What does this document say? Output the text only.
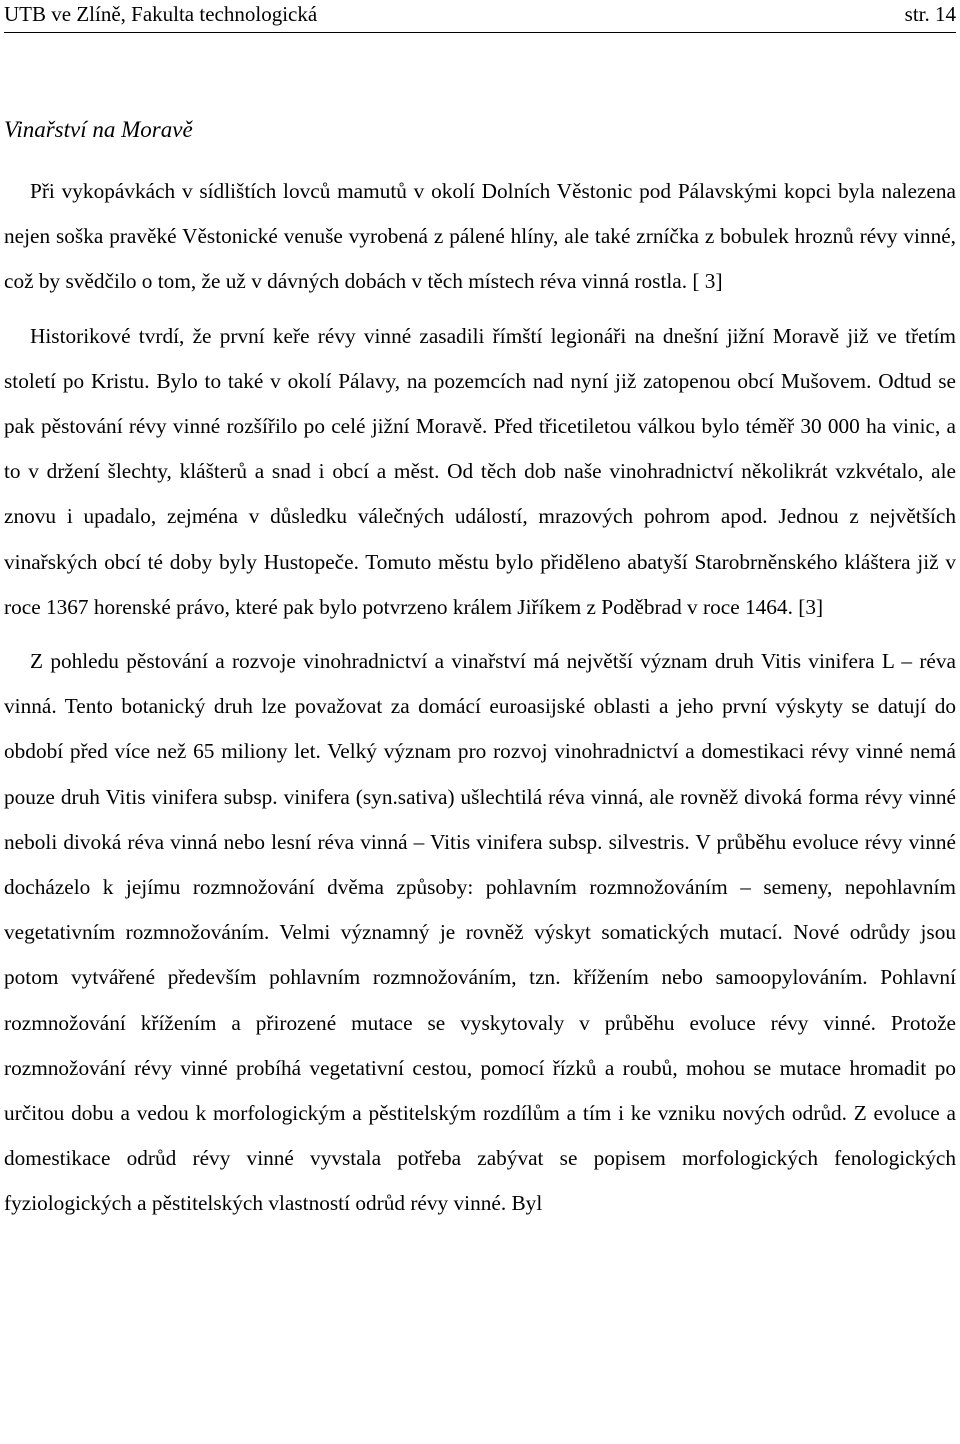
UTB ve Zlíně, Fakulta technologická	str. 14
Vinařství na Moravě

Při vykopávkách v sídlištích lovců mamutů v okolí Dolních Věstonic pod Pálavskými kopci byla nalezena nejen soška pravěké Věstonické venuše vyrobená z pálené hlíny, ale také zrníčka z bobulek hroznů révy vinné, což by svědčilo o tom, že už v dávných dobách v těch místech réva vinná rostla. [ 3]

Historikové tvrdí, že první keře révy vinné zasadili římští legionáři na dnešní jižní Moravě již ve třetím století po Kristu. Bylo to také v okolí Pálavy, na pozemcích nad nyní již zatopenou obcí Mušovem. Odtud se pak pěstování révy vinné rozšířilo po celé jižní Moravě. Před třicetiletou válkou bylo téměř 30 000 ha vinic, a to v držení šlechty, klášterů a snad i obcí a měst. Od těch dob naše vinohradnictví několikrát vzkvétalo, ale znovu i upadalo, zejména v důsledku válečných událostí, mrazových pohrom apod. Jednou z největších vinařských obcí té doby byly Hustopeče. Tomuto městu bylo přiděleno abatyší Starobrněnského kláštera již v roce 1367 horenské právo, které pak bylo potvrzeno králem Jiříkem z Poděbrad v roce 1464. [3]

Z pohledu pěstování a rozvoje vinohradnictví a vinařství má největší význam druh Vitis vinifera L – réva vinná. Tento botanický druh lze považovat za domácí euroasijské oblasti a jeho první výskyty se datují do období před více než 65 miliony let. Velký význam pro rozvoj vinohradnictví a domestikaci révy vinné nemá pouze druh Vitis vinifera subsp. vinifera (syn.sativa) ušlechtilá réva vinná, ale rovněž divoká forma révy vinné neboli divoká réva vinná nebo lesní réva vinná – Vitis vinifera subsp. silvestris. V průběhu evoluce révy vinné docházelo k jejímu rozmnožování dvěma způsoby: pohlavním rozmnožováním – semeny, nepohlavním vegetativním rozmnožováním. Velmi významný je rovněž výskyt somatických mutací. Nové odrůdy jsou potom vytvářené především pohlavním rozmnožováním, tzn. křížením nebo samoopylováním. Pohlavní rozmnožování křížením a přirozené mutace se vyskytovaly v průběhu evoluce révy vinné. Protože rozmnožování révy vinné probíhá vegetativní cestou, pomocí řízků a roubů, mohou se mutace hromadit po určitou dobu a vedou k morfologickým a pěstitelským rozdílům a tím i ke vzniku nových odrůd. Z evoluce a domestikace odrůd révy vinné vyvstala potřeba zabývat se popisem morfologických fenologických fyziologických a pěstitelských vlastností odrůd révy vinné. Byl
